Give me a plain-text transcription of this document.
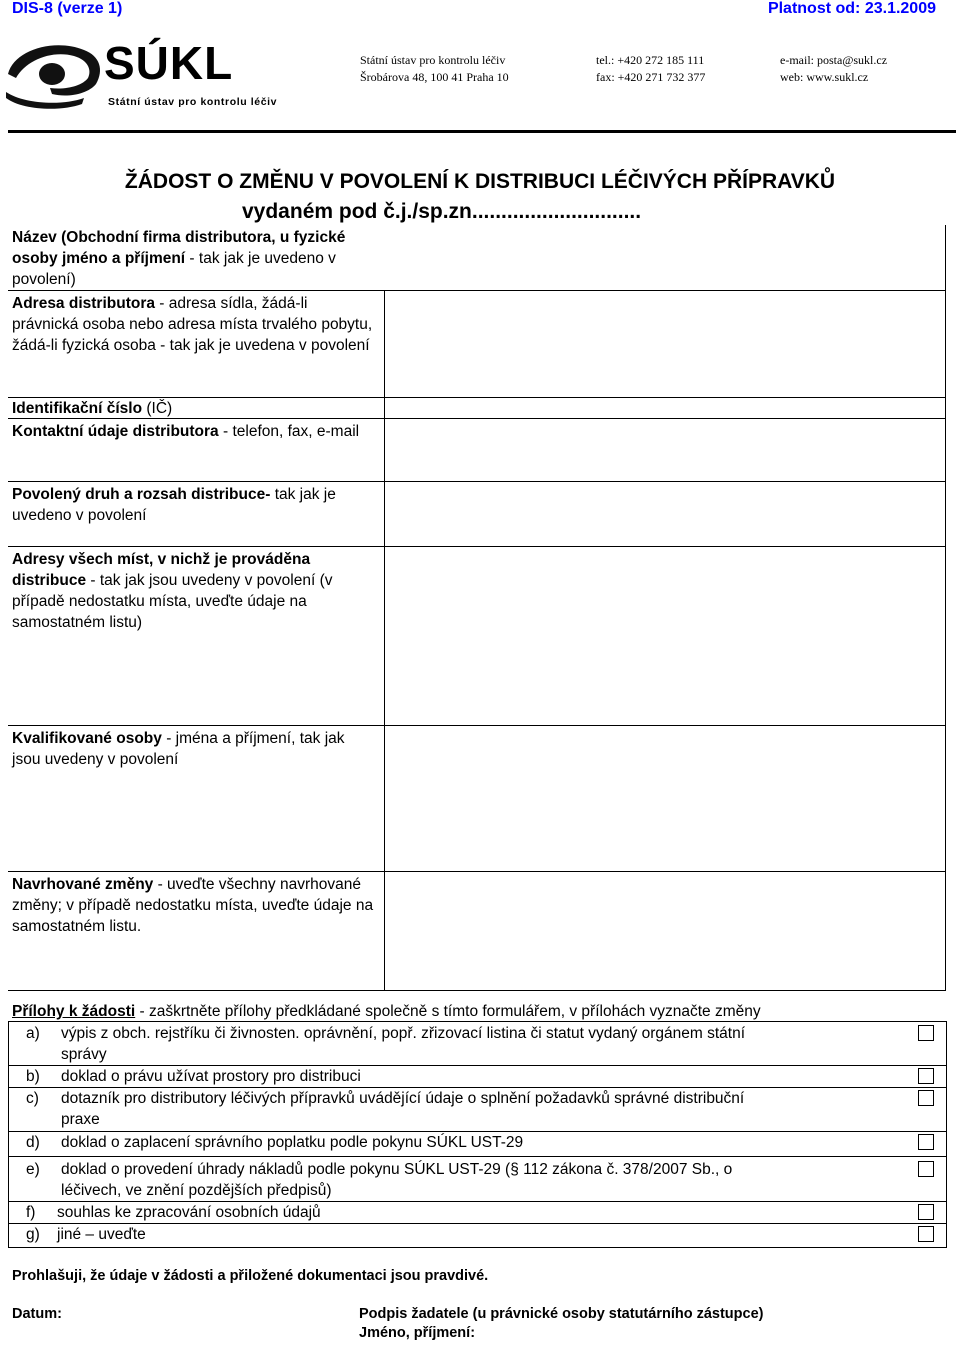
DIS-8 (verze 1)	Platnost od: 23.1.2009
SÚKL
Státní ústav pro kontrolu léčiv
Státní ústav pro kontrolu léčiv
Šrobárova 48, 100 41 Praha 10
tel.: +420 272 185 111
fax: +420 271 732 377
e-mail: posta@sukl.cz
web: www.sukl.cz
ŽÁDOST O ZMĚNU V POVOLENÍ K DISTRIBUCI LÉČIVÝCH PŘÍPRAVKŮ
vydaném pod č.j./sp.zn.............................
Název (Obchodní firma distributora, u fyzické osoby jméno a příjmení - tak jak je uvedeno v povolení)
Adresa distributora - adresa sídla, žádá-li právnická osoba nebo adresa místa trvalého pobytu, žádá-li fyzická osoba - tak jak je uvedena v povolení
Identifikační číslo (IČ)
Kontaktní údaje distributora - telefon, fax, e-mail
Povolený druh a rozsah distribuce- tak jak je uvedeno v povolení
Adresy všech míst, v nichž je prováděna distribuce - tak jak jsou uvedeny v povolení (v případě nedostatku místa, uveďte údaje na samostatném listu)
Kvalifikované osoby - jména a příjmení, tak jak jsou uvedeny v povolení
Navrhované změny - uveďte všechny navrhované změny; v případě nedostatku místa, uveďte údaje na samostatném listu.
Přílohy k žádosti - zaškrtněte přílohy předkládané společně s tímto formulářem, v přílohách vyznačte změny
a) výpis z obch. rejstříku či živnosten. oprávnění, popř. zřizovací listina či statut vydaný orgánem státní
správy
b) doklad o právu užívat prostory pro distribuci
c) dotazník pro distributory léčivých přípravků uvádějící údaje o splnění požadavků správné distribuční
praxe
d) doklad o zaplacení správního poplatku podle pokynu SÚKL UST-29
e) doklad o provedení úhrady nákladů podle pokynu SÚKL UST-29 (§ 112 zákona č. 378/2007 Sb., o
léčivech, ve znění pozdějších předpisů)
f) souhlas ke zpracování osobních údajů
g) jiné – uveďte
Prohlašuji, že údaje v žádosti a přiložené dokumentaci jsou pravdivé.
Datum:	Podpis žadatele (u právnické osoby statutárního zástupce)
Jméno, příjmení:
